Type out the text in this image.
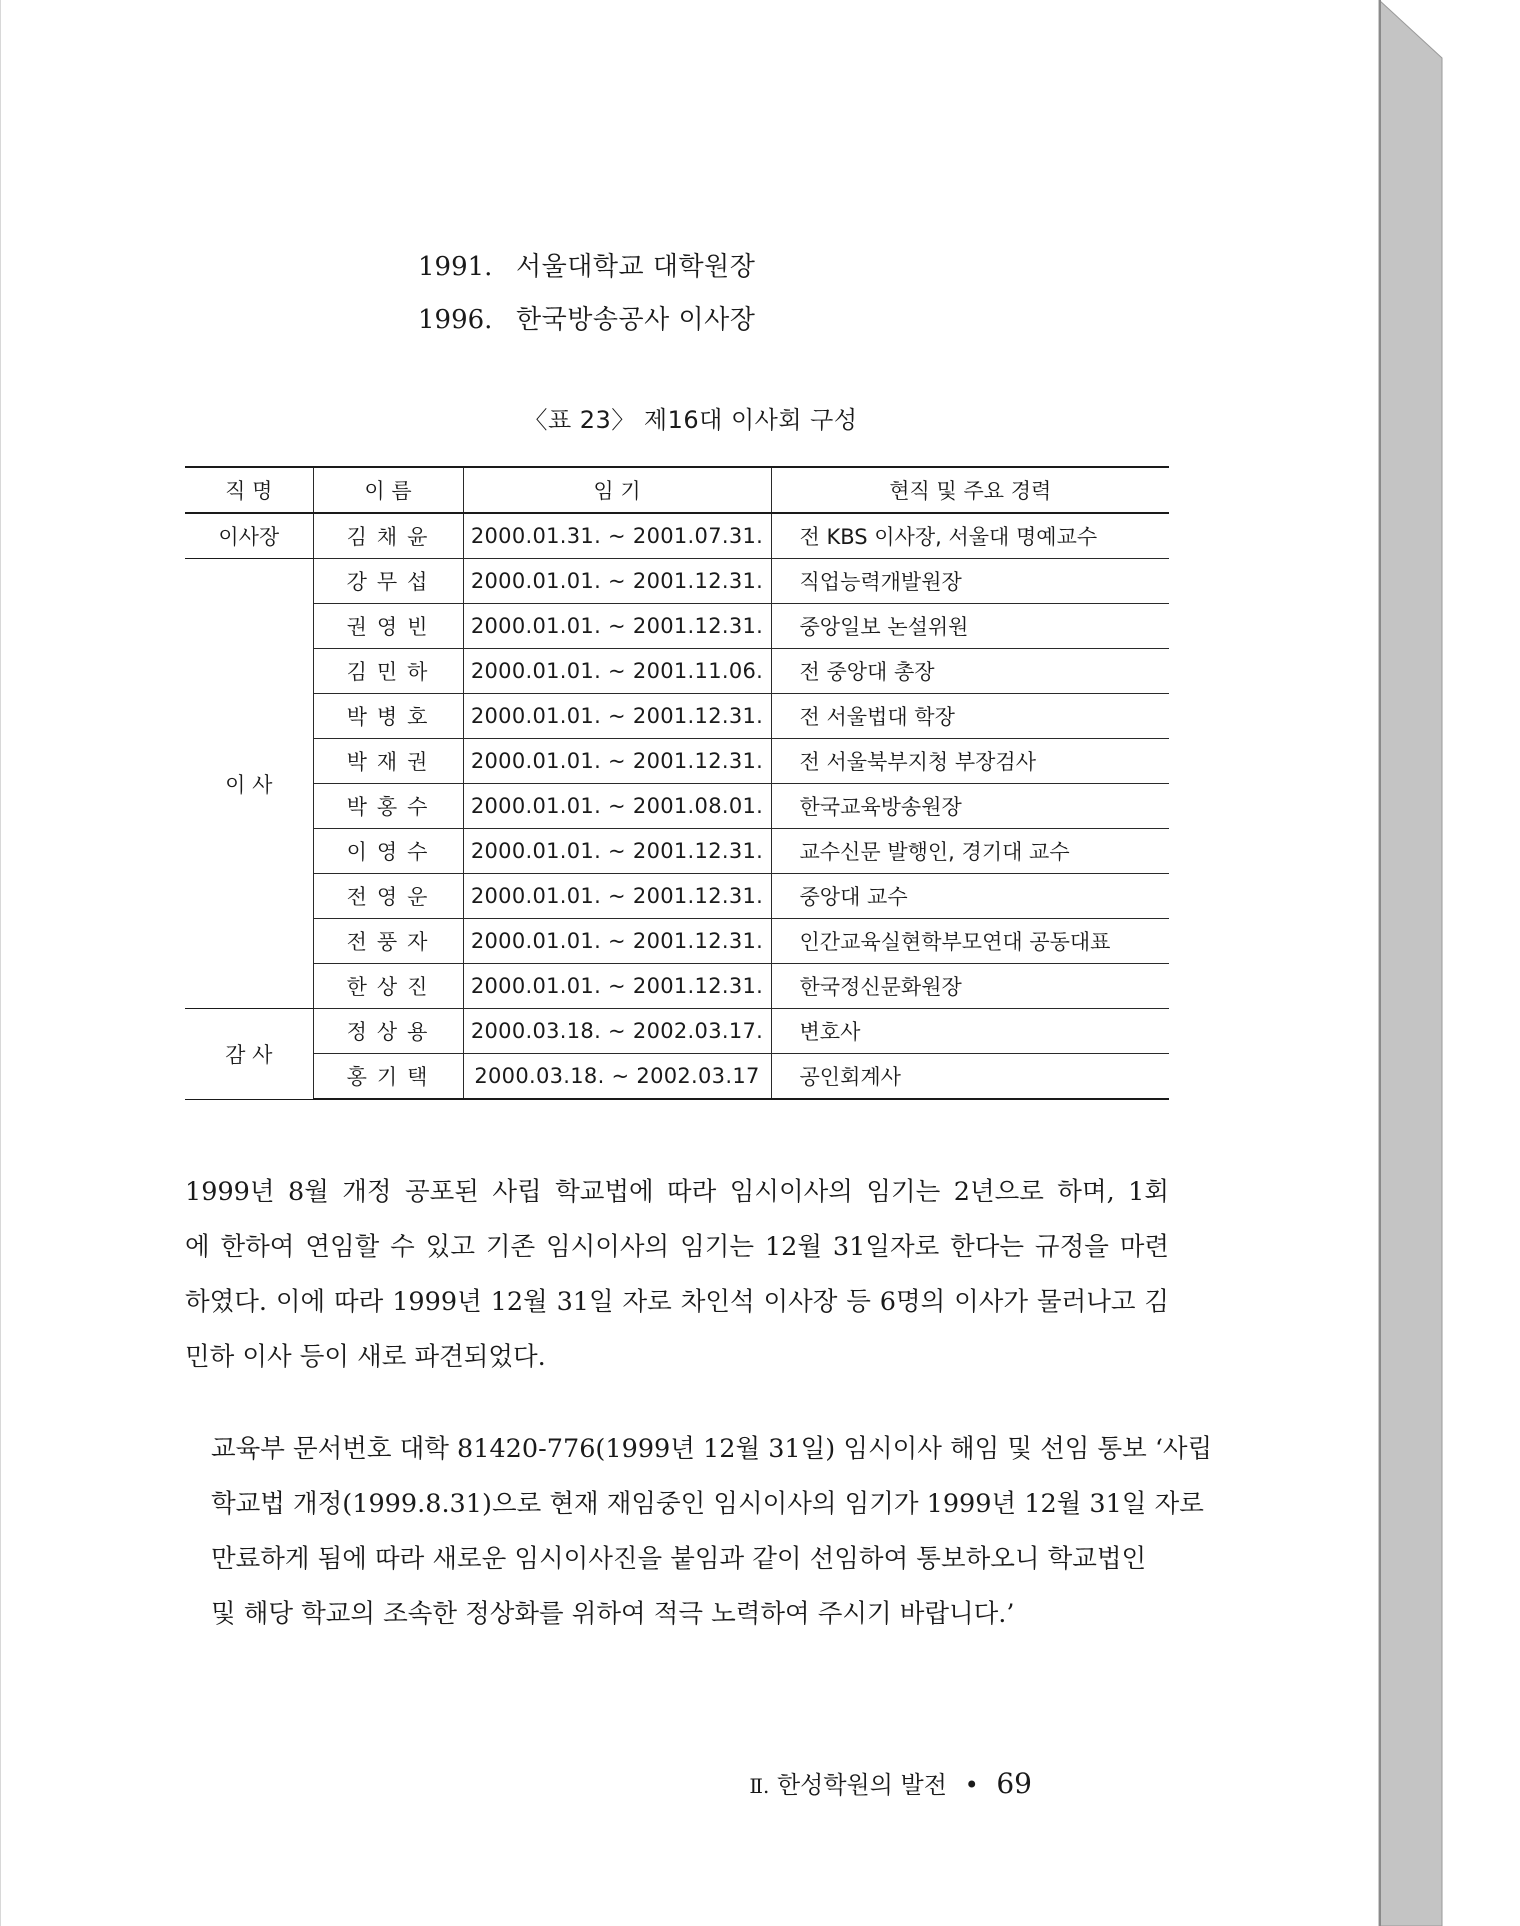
1991. 서울대학교 대학원장
1996. 한국방송공사 이사장
〈표 23〉 제16대 이사회 구성
직 명	이 름	임 기	현직 및 주요 경력
이사장	김채윤	2000.01.31. ~ 2001.07.31.	전 KBS 이사장, 서울대 명예교수
이 사	강무섭	2000.01.01. ~ 2001.12.31.	직업능력개발원장
	권영빈	2000.01.01. ~ 2001.12.31.	중앙일보 논설위원
	김민하	2000.01.01. ~ 2001.11.06.	전 중앙대 총장
	박병호	2000.01.01. ~ 2001.12.31.	전 서울법대 학장
	박재권	2000.01.01. ~ 2001.12.31.	전 서울북부지청 부장검사
	박홍수	2000.01.01. ~ 2001.08.01.	한국교육방송원장
	이영수	2000.01.01. ~ 2001.12.31.	교수신문 발행인, 경기대 교수
	전영운	2000.01.01. ~ 2001.12.31.	중앙대 교수
	전풍자	2000.01.01. ~ 2001.12.31.	인간교육실현학부모연대 공동대표
	한상진	2000.01.01. ~ 2001.12.31.	한국정신문화원장
감 사	정상용	2000.03.18. ~ 2002.03.17.	변호사
	홍기택	2000.03.18. ~ 2002.03.17	공인회계사
1999년 8월 개정 공포된 사립 학교법에 따라 임시이사의 임기는 2년으로 하며, 1회
에 한하여 연임할 수 있고 기존 임시이사의 임기는 12월 31일자로 한다는 규정을 마련
하였다. 이에 따라 1999년 12월 31일 자로 차인석 이사장 등 6명의 이사가 물러나고 김
민하 이사 등이 새로 파견되었다.
교육부 문서번호 대학 81420-776(1999년 12월 31일) 임시이사 해임 및 선임 통보 ‘사립
학교법 개정(1999.8.31)으로 현재 재임중인 임시이사의 임기가 1999년 12월 31일 자로
만료하게 됨에 따라 새로운 임시이사진을 붙임과 같이 선임하여 통보하오니 학교법인
및 해당 학교의 조속한 정상화를 위하여 적극 노력하여 주시기 바랍니다.’
Ⅱ. 한성학원의 발전 • 69
